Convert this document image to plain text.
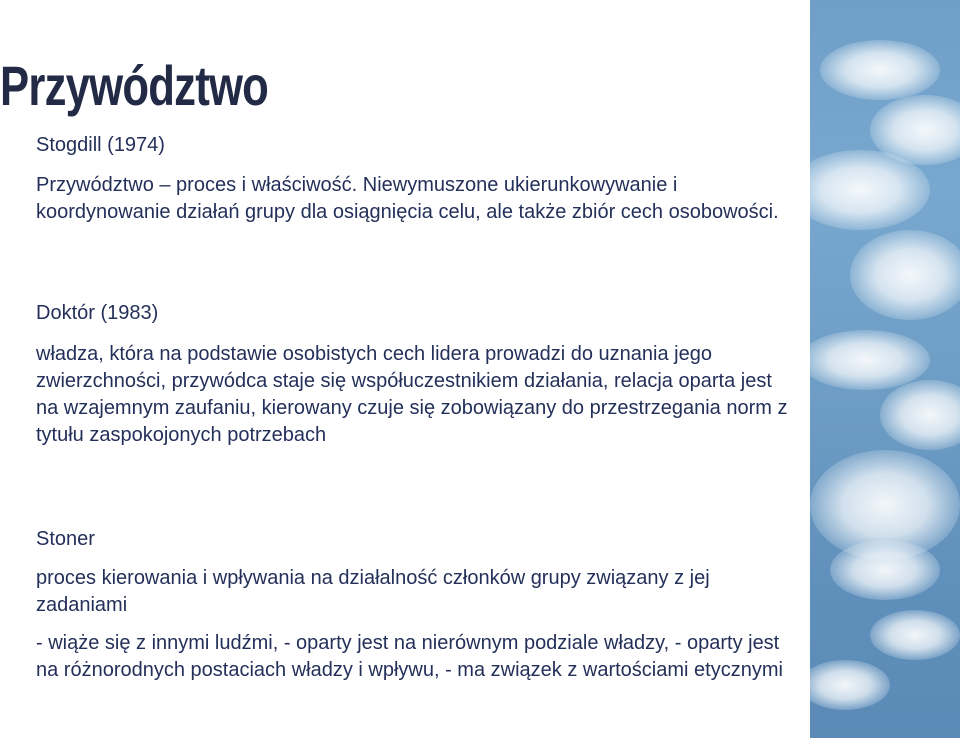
Przywództwo

Stogdill (1974)

Przywództwo – proces i właściwość. Niewymuszone ukierunkowywanie i koordynowanie działań grupy dla osiągnięcia celu, ale także zbiór cech osobowości.

Doktór (1983)

władza, która na podstawie osobistych cech lidera prowadzi do uznania jego zwierzchności, przywódca staje się współuczestnikiem działania, relacja oparta jest na wzajemnym zaufaniu, kierowany czuje się zobowiązany do przestrzegania norm z tytułu zaspokojonych potrzebach

Stoner

proces kierowania i wpływania na działalność członków grupy związany z jej zadaniami

- wiąże się z innymi ludźmi, - oparty jest na nierównym podziale władzy, - oparty jest na różnorodnych postaciach władzy i wpływu, - ma związek z wartościami etycznymi
